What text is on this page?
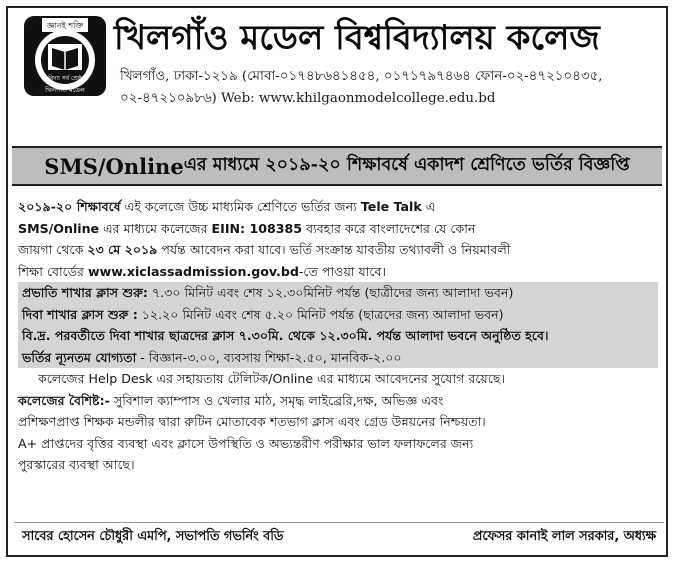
জ্ঞানই শক্তি
বিদ্যা সর্ব শ্রেষ্ঠ
খিলগাঁও মডেল
খিলগাঁও মডেল বিশ্ববিদ্যালয় কলেজ
খিলগাঁও, ঢাকা-১২১৯ (মোবা-০১৭৪৮৬৪১৪৫৪, ০১৭১৭৯৭৪৬৪ ফোন-০২-৪৭২১০৪৩৫,
০২-৪৭২১০৯৮৬) Web: www.khilgaonmodelcollege.edu.bd
SMS/Online এর মাধ্যমে ২০১৯-২০ শিক্ষাবর্ষে একাদশ শ্রেণিতে ভর্তির বিজ্ঞপ্তি

২০১৯-২০ শিক্ষাবর্ষে এই কলেজে উচ্চ মাধ্যমিক শ্রেণিতে ভর্তির জন্য Tele Talk এ
SMS/Online এর মাধ্যমে কলেজের EIIN: 108385 ব্যবহার করে বাংলাদেশের যে কোন
জায়গা থেকে ২৩ মে ২০১৯ পর্যন্ত আবেদন করা যাবে। ভর্তি সংক্রান্ত যাবতীয় তথ্যাবলী ও নিয়মাবলী
শিক্ষা বোর্ডের www.xiclassadmission.gov.bd-তে পাওয়া যাবে।

প্রভাতি শাখার ক্লাস শুরু: ৭.৩০ মিনিট এবং শেষ ১২.৩০মিনিট পর্যন্ত (ছাত্রীদের জন্য আলাদা ভবন)

দিবা শাখার ক্লাস শুরু : ১২.২০ মিনিট এবং শেষ ৫.২০ মিনিট পর্যন্ত (ছাত্রদের জন্য আলাদা ভবন)

বি.দ্র. পরবর্তীতে দিবা শাখার ছাত্রদের ক্লাস ৭.৩০মি. থেকে ১২.৩০মি. পর্যন্ত আলাদা ভবনে অনুষ্ঠিত হবে।

ভর্তির ন্যূনতম যোগ্যতা - বিজ্ঞান-৩.০০, ব্যবসায় শিক্ষা-২.৫০, মানবিক-২.০০

কলেজের Help Desk এর সহায়তায় টেলিটক/Online এর মাধ্যমে আবেদনের সুযোগ রয়েছে।

কলেজের বৈশিষ্ট:- সুবিশাল ক্যাম্পাস ও খেলার মাঠ, সমৃদ্ধ লাইব্রেরি,দক্ষ, অভিজ্ঞ এবং
প্রশিক্ষণপ্রাপ্ত শিক্ষক মন্ডলীর দ্বারা রুটিন মোতাবেক শতভাগ ক্লাস এবং গ্রেড উন্নয়নের নিশ্চয়তা।
A+ প্রাপ্তদের বৃত্তির ব্যবস্থা এবং ক্লাসে উপস্থিতি ও অভ্যন্তরীণ পরীক্ষার ভাল ফলাফলের জন্য
পুরস্কারের ব্যবস্থা আছে।

সাবের হোসেন চৌধুরী এমপি, সভাপতি গভর্নিং বডি	প্রফেসর কানাই লাল সরকার, অধ্যক্ষ
